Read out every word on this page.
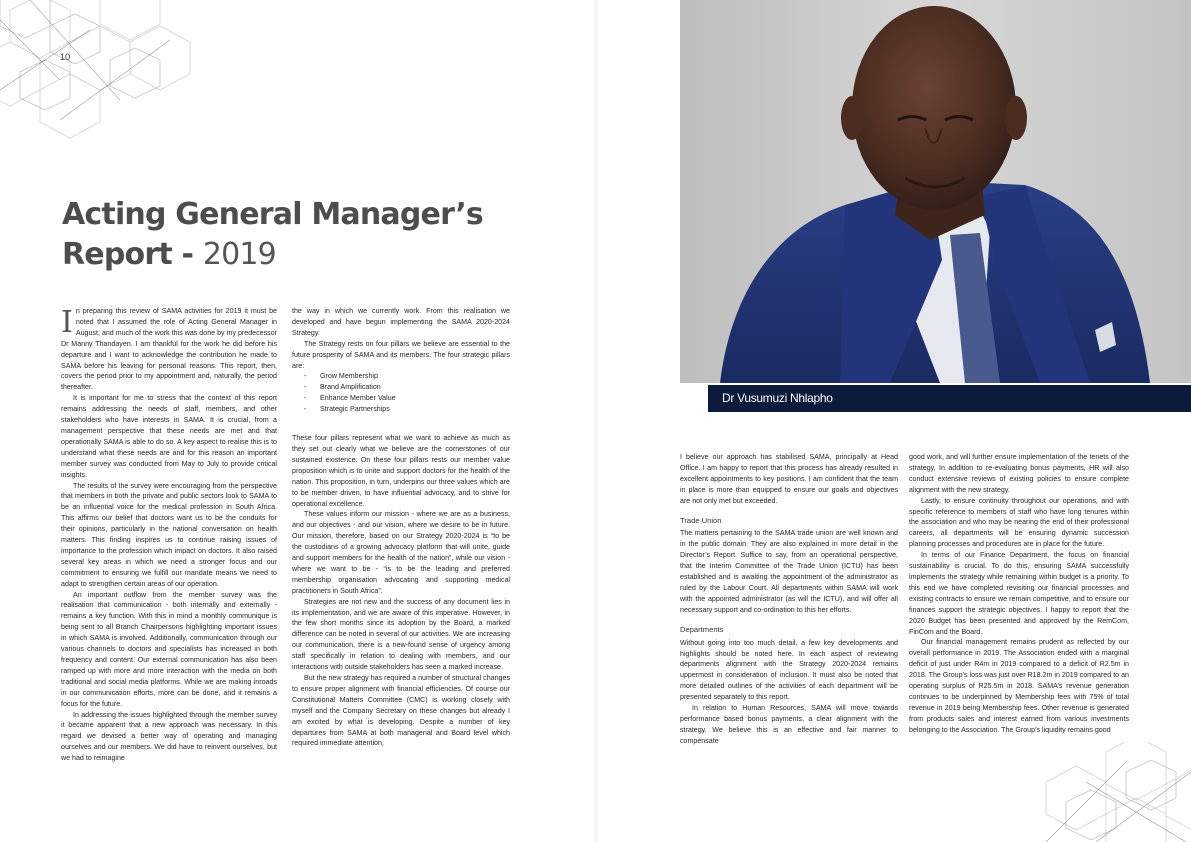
10
Acting General Manager’s
Report - 2019

In preparing this review of SAMA activities for 2019 it must be noted that I assumed the role of Acting General Manager in August, and much of the work this was done by my predecessor Dr Manny Thandayen. I am thankful for the work he did before his departure and I want to acknowledge the contribution he made to SAMA before his leaving for personal reasons. This report, then, covers the period prior to my appointment and, naturally, the period thereafter.

It is important for me to stress that the context of this report remains addressing the needs of staff, members, and other stakeholders who have interests in SAMA. It is crucial, from a management perspective that these needs are met and that operationally SAMA is able to do so. A key aspect to realise this is to understand what these needs are and for this reason an important member survey was conducted from May to July to provide critical insights.

The results of the survey were encouraging from the perspective that members in both the private and public sectors look to SAMA to be an influential voice for the medical profession in South Africa. This affirms our belief that doctors want us to be the conduits for their opinions, particularly in the national conversation on health matters. This finding inspires us to continue raising issues of importance to the profession which impact on doctors. It also raised several key areas in which we need a stronger focus and our commitment to ensuring we fulfill our mandate means we need to adapt to strengthen certain areas of our operation.

An important outflow from the member survey was the realisation that communication - both internally and externally - remains a key function. With this in mind a monthly communique is being sent to all Branch Chairpersons highlighting important issues in which SAMA is involved. Additionally, communication through our various channels to doctors and specialists has increased in both frequency and content. Our external communication has also been ramped up with more and more interaction with the media on both traditional and social media platforms. While we are making inroads in our communication efforts, more can be done, and it remains a focus for the future.

In addressing the issues highlighted through the member survey it became apparent that a new approach was necessary. In this regard we devised a better way of operating and managing ourselves and our members. We did have to reinvent ourselves, but we had to reimagine

the way in which we currently work. From this realisation we developed and have begun implementing the SAMA 2020-2024 Strategy.

The Strategy rests on four pillars we believe are essential to the future prosperity of SAMA and its members. The four strategic pillars are:

- Grow Membership
- Brand Amplification
- Enhance Member Value
- Strategic Partnerships

These four pillars represent what we want to achieve as much as they set out clearly what we believe are the cornerstones of our sustained existence. On these four pillars rests our member value proposition which is to unite and support doctors for the health of the nation. This proposition, in turn, underpins our three values which are to be member driven, to have influential advocacy, and to strive for operational excellence.

These values inform our mission - where we are as a business, and our objectives - and our vision, where we desire to be in future. Our mission, therefore, based on our Strategy 2020-2024 is “to be the custodians of a growing advocacy platform that will unite, guide and support members for the health of the nation”, while our vision - where we want to be - “is to be the leading and preferred membership organisation advocating and supporting medical practitioners in South Africa”.

Strategies are not new and the success of any document lies in its implementation, and we are aware of this imperative. However, in the few short months since its adoption by the Board, a marked difference can be noted in several of our activities. We are increasing our communication, there is a new-found sense of urgency among staff specifically in relation to dealing with members, and our interactions with outside stakeholders has seen a marked increase.

But the new strategy has required a number of structural changes to ensure proper alignment with financial efficiencies. Of course our Constitutional Matters Committee (CMC) is working closely with myself and the Company Secretary on these changes but already I am excited by what is developing. Despite a number of key departures from SAMA at both managerial and Board level which required immediate attention,

Dr Vusumuzi Nhlapho

I believe our approach has stabilised SAMA, principally at Head Office. I am happy to report that this process has already resulted in excellent appointments to key positions. I am confident that the team in place is more than equipped to ensure our goals and objectives are not only met but exceeded.

Trade Union

The matters pertaining to the SAMA trade union are well known and in the public domain. They are also explained in more detail in the Director’s Report. Suffice to say, from an operational perspective, that the Interim Committee of the Trade Union (ICTU) has been established and is awaiting the appointment of the administrator as ruled by the Labour Court. All departments within SAMA will work with the appointed administrator (as will the ICTU), and will offer all necessary support and co-ordination to this her efforts.

Departments

Without going into too much detail, a few key developments and highlights should be noted here. In each aspect of reviewing departments alignment with the Strategy 2020-2024 remains uppermost in consideration of inclusion. It must also be noted that more detailed outlines of the activities of each department will be presented separately to this report.

In relation to Human Resources, SAMA will move towards performance based bonus payments, a clear alignment with the strategy. We believe this is an effective and fair manner to compensate

good work, and will further ensure implementation of the tenets of the strategy. In addition to re-evaluating bonus payments, HR will also conduct extensive reviews of existing policies to ensure complete alignment with the new strategy.

Lastly, to ensure continuity throughout our operations, and with specific reference to members of staff who have long tenures within the association and who may be nearing the end of their professional careers, all departments will be ensuring dynamic succession planning processes and procedures are in place for the future.

In terms of our Finance Department, the focus on financial sustainability is crucial. To do this, ensuring SAMA successfully implements the strategy while remaining within budget is a priority. To this end we have completed revisiting our financial processes and existing contracts to ensure we remain competitive, and to ensure our finances support the strategic objectives. I happy to report that the 2020 Budget has been presented and approved by the RemCom, FinCom and the Board.

Our financial management remains prudent as reflected by our overall performance in 2019. The Association ended with a marginal deficit of just under R4m in 2019 compared to a deficit of R2.5m in 2018. The Group’s loss was just over R18.2m in 2019 compared to an operating surplus of R25.5m in 2018. SAMA’s revenue generation continues to be underpinned by Membership fees with 75% of total revenue in 2019 being Membership fees. Other revenue is generated from products sales and interest earned from various investments belonging to the Association. The Group’s liquidity remains good
